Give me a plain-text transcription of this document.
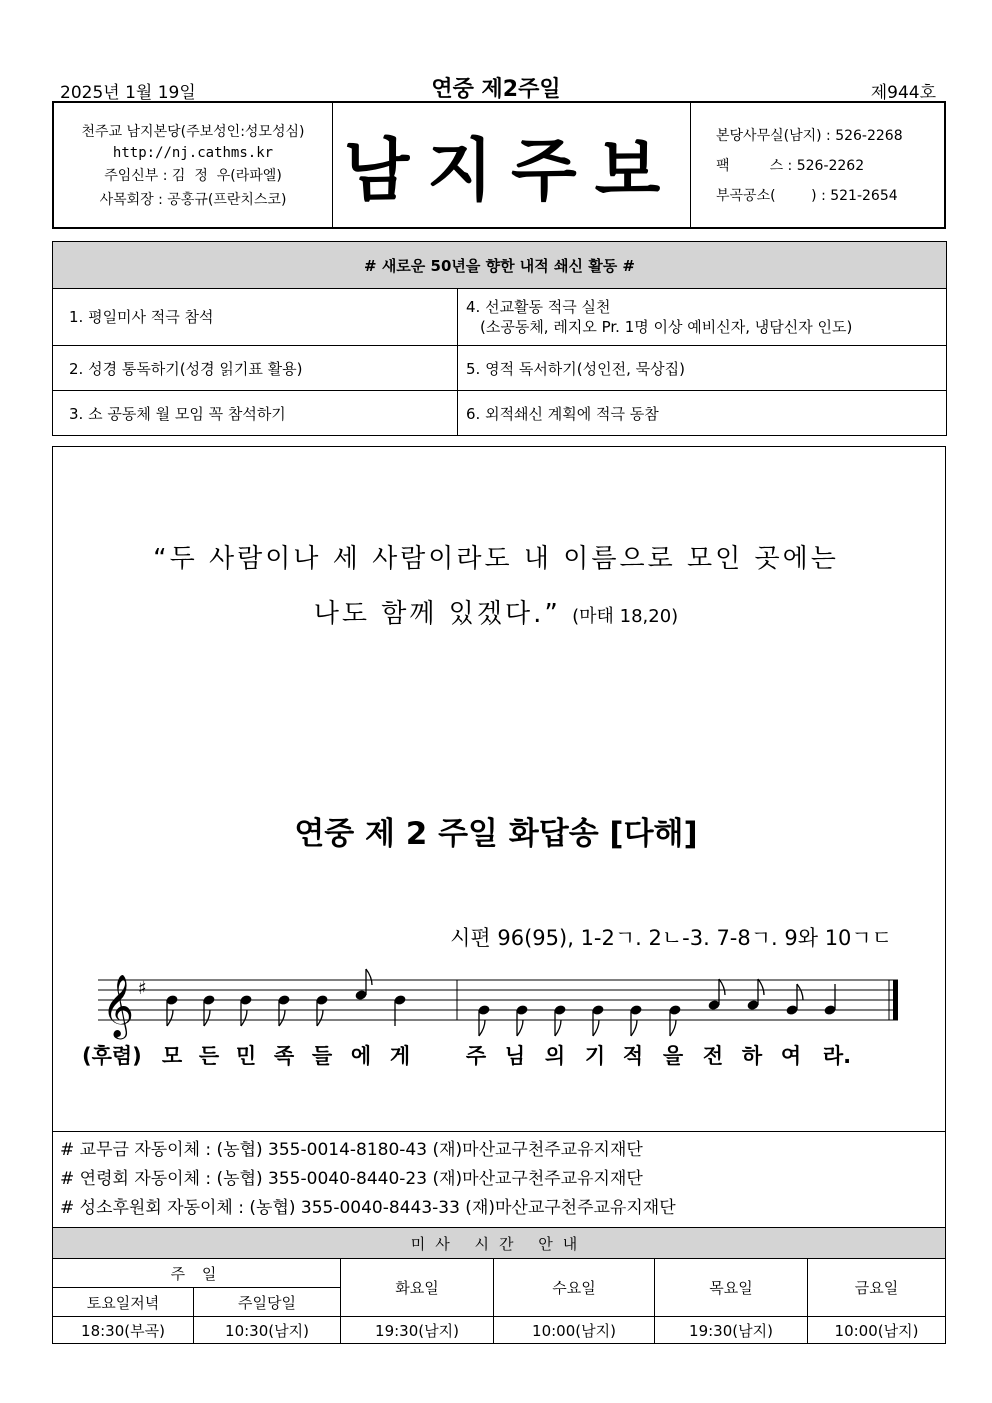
2025년 1월 19일	연중 제2주일	제944호
천주교 남지본당(주보성인:성모성심)
http://nj.cathms.kr
주임신부 : 김  정  우(라파엘)
사목회장 : 공홍규(프란치스코) 남지주보	본당사무실(남지) : 526-2268
팩         스 : 526-2262
부곡공소(        ) : 521-2654
# 새로운 50년을 향한 내적 쇄신 활동 #	
1. 평일미사 적극 참석	4. 선교활동 적극 실천
(소공동체, 레지오 Pr. 1명 이상 예비신자, 냉담신자 인도)

2. 성경 통독하기(성경 읽기표 활용)	5. 영적 독서하기(성인전, 묵상집)
3. 소 공동체 월 모임 꼭 참석하기	6. 외적쇄신 계획에 적극 동참
“두 사람이나 세 사람이라도 내 이름으로 모인 곳에는
나도 함께 있겠다.” (마태 18,20)
연중 제 2 주일 화답송 [다해]
시편 96(95), 1-2ㄱ. 2ㄴ-3. 7-8ㄱ. 9와 10ㄱㄷ
𝄞 ♯
(후렴) 모 든 민 족 들 에 게	주 님 의 기 적 을 전 하 여 라.
# 교무금 자동이체 : (농협) 355-0014-8180-43 (재)마산교구천주교유지재단
# 연령회 자동이체 : (농협) 355-0040-8440-23 (재)마산교구천주교유지재단
# 성소후원회 자동이체 : (농협) 355-0040-8443-33 (재)마산교구천주교유지재단
미사 시간 안내					
주 일		화요일	수요일	목요일	금요일
토요일저녁	주일당일				
18:30(부곡)	10:30(남지)	19:30(남지)	10:00(남지)	19:30(남지)	10:00(남지)
